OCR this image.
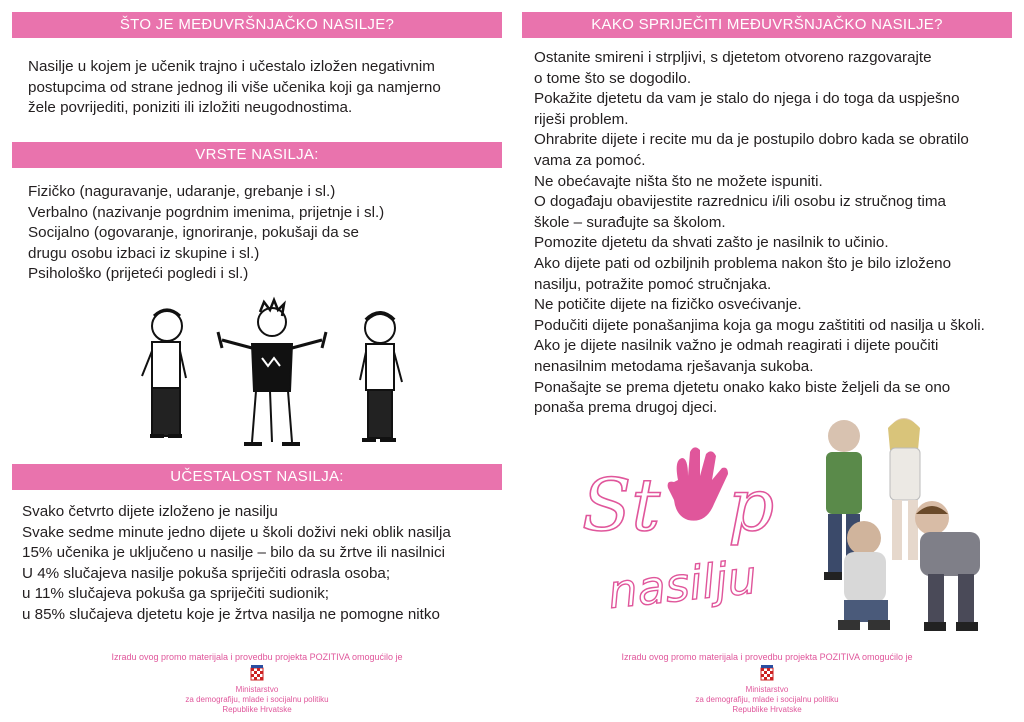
ŠTO JE MEĐUVRŠNJAČKO NASILJE?
Nasilje u kojem je učenik trajno i učestalo izložen negativnim
postupcima od strane jednog ili više učenika koji ga namjerno
žele povrijediti, poniziti ili izložiti neugodnostima.
VRSTE NASILJA:
Fizičko (naguravanje, udaranje, grebanje i sl.)
Verbalno (nazivanje pogrdnim imenima, prijetnje i sl.)
Socijalno (ogovaranje, ignoriranje, pokušaji da se
drugu osobu izbaci iz skupine i sl.)
Psihološko (prijeteći pogledi i sl.)
UČESTALOST NASILJA:
Svako četvrto dijete izloženo je nasilju
Svake sedme minute jedno dijete u školi doživi neki oblik nasilja
15% učenika je uključeno u nasilje – bilo da su žrtve ili nasilnici
U 4% slučajeva nasilje pokuša spriječiti odrasla osoba;
u 11% slučajeva pokuša ga spriječiti sudionik;
u 85% slučajeva djetetu koje je žrtva nasilja ne pomogne nitko
Izradu ovog promo materijala i provedbu projekta POZITIVA omogućilo je
Ministarstvo
za demografiju, mlade i socijalnu politiku
Republike Hrvatske
KAKO SPRIJEČITI MEĐUVRŠNJAČKO NASILJE?
Ostanite smireni i strpljivi, s djetetom otvoreno razgovarajte
o tome što se dogodilo.
Pokažite djetetu da vam je stalo do njega i do toga da uspješno
riješi problem.
Ohrabrite dijete i recite mu da je postupilo dobro kada se obratilo
vama za pomoć.
Ne obećavajte ništa što ne možete ispuniti.
O događaju obavijestite razrednicu i/ili osobu iz stručnog tima
škole – surađujte sa školom.
Pomozite djetetu da shvati zašto je nasilnik to učinio.
Ako dijete pati od ozbiljnih problema nakon što je bilo izloženo
nasilju, potražite pomoć stručnjaka.
Ne potičite dijete na fizičko osvećivanje.
Podučiti dijete ponašanjima koja ga mogu zaštititi od nasilja u školi.
Ako je dijete nasilnik važno je odmah reagirati i dijete poučiti
nenasilnim metodama rješavanja sukoba.
Ponašajte se prema djetetu onako kako biste željeli da se ono
ponaša prema drugoj djeci.
St p
nasilju
Izradu ovog promo materijala i provedbu projekta POZITIVA omogućilo je
Ministarstvo
za demografiju, mlade i socijalnu politiku
Republike Hrvatske
